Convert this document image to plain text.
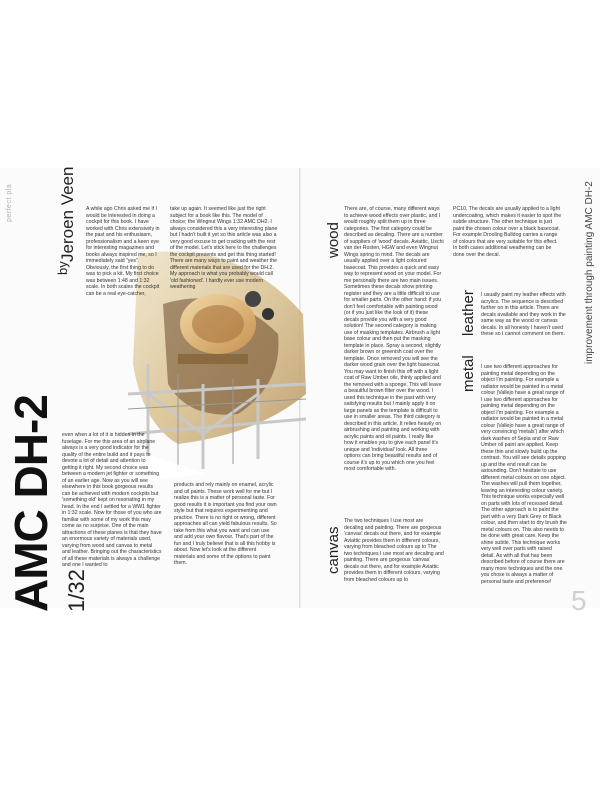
perfect pla
AMC DH-2 1/32
by
Jeroen Veen	improvement through painting AMC DH-2
5

A while ago Chris asked me if I would be interested in doing a cockpit for this book. I have worked with Chris extensively in the past and his enthusiasm, professionalism and a keen eye for interesting magazines and books always inspired me, so I immediately said "yes". Obviously, the first thing to do was to pick a kit. My first choice was between 1:48 and 1:32 scale. In both scales the cockpit can be a real eye-catcher,

even when a lot of it is hidden in the fuselage. For me this area of an airplane always is a very good indicator for the quality of the entire build and it pays to devote a lot of detail and attention to getting it right. My second choice was between a modern jet fighter or something of an earlier age. Now as you will see elsewhere in this book gorgeous results can be achieved with modern cockpits but 'something old' kept on resonating in my head. In the end I settled for a WW1 fighter in 1:32 scale. Now for those of you who are familiar with some of my work this may come as no surprise. One of the main attractions of these planes is that they have an enormous variety of materials used, varying from wood and canvas to metal and leather. Bringing out the characteristics of all these materials is always a challenge and one I wanted to

take up again. It seemed like just the right subject for a book like this. The model of choice; the Wingnut Wings 1:32 AMC DH2. I always considered this a very interesting plane but I hadn't built it yet so this article was also a very good excuse to get cracking with the rest of the model. Let's stick here to the challenges the cockpit presents and get this thing started! There are many ways to paint and weather the different materials that are used for the DH.2. My approach is what you probably would call 'old fashioned'. I hardly ever use modern weathering

products and rely mainly on enamel, acrylic and oil paints. These work well for me but I realize this is a matter of personal taste. For good results it is important you find your own style but that requires experimenting and practice. There is no right or wrong, different approaches all can yield fabulous results. So take from this what you want and can use and add your own flavour. That's part of the fun and I truly believe that is all this hobby is about. Now let's look at the different materials and some of the options to paint them.

wood

There are, of course, many different ways to achieve wood effects over plastic, and I would roughly split them up in three categories. The first category could be described as decaling. There are a number of suppliers of 'wood' decals. Aviattic, Uschi van der Rosten, HGW and even Wingnut Wings spring to mind. The decals are usually applied over a light coloured basecoat. This provides a quick and easy way to represent wood on your model. For me personally there are two main issues. Sometimes these decals show printing register and they are a little difficult to use for smaller parts. On the other hand: if you don't feel comfortable with painting wood (or if you just like the look of it) these decals provide you with a very good solution! The second category is making use of masking templates. Airbrush a light base colour and then put the masking template in place. Spray a second, slightly darker brown or greenish coat over the template. Once removed you will see the darker wood grain over the light basecoat. You may want to finish this off with a light coat of Raw Umber oils, thinly applied and the removed with a sponge. This will leave a beautiful brown filter over the wood. I used this technique in the past with very satisfying results but I mainly apply it on large panels as the template is difficult to use in smaller areas. The third category is described in this article. It relies heavily on airbrushing and painting and working with acrylic paints and oil paints. I really like how it enables you to give each panel it's unique and 'individual' look. All three options can bring beautiful results and of course it's up to you which one you feel most comfortable with.

canvas

The two techniques I use most are decaling and painting. There are gorgeous 'canvas' decals out there, and for example Aviattic provides them in different colours, varying from bleached colours up to The two techniques I use most are decaling and painting. There are gorgeous 'canvas' decals out there, and for example Aviattic provides them in different colours, varying from bleached colours up to

PC10. The decals are usually applied to a light undercoating, which makes it easier to spot the subtle structure. The other technique is just paint the chosen colour over a black basecoat. For example Drooling Bulldog carries a range of colours that are very suitable for this effect. In both cases additional weathering can be done over the decal.

leather I usually paint my leather effects with acrylics. The sequence is described further on in this article. There are decals available and they work in the same way as the wood or canvas decals. In all honesty I haven't used these so I cannot comment on them.

metal I use two different approaches for painting metal depending on the object I'm painting. For example a radiator would be painted in a metal colour (Vallejo have a great range of I use two different approaches for painting metal depending on the object I'm painting. For example a radiator would be painted in a metal colour (Vallejo have a great range of very convincing 'metals') after which dark washes of Sepia and or Raw Umber oil paint are applied. Keep these thin and slowly build up the contrast. You will see details popping up and the end result can be astounding. Don't hesitate to use different metal colours on one object. The washes will pull them together, leaving an interesting colour variety. This technique works especially well on parts with lots of recessed detail. The other approach is to paint the part with a very Dark Grey or Black colour, and then start to dry brush the metal colours on. This also needs to be done with great care. Keep the shine subtle. This technique works very well over parts with raised detail. As with all that has been described before of course there are many more techniques and the one you chose is always a matter of personal taste and preference!
